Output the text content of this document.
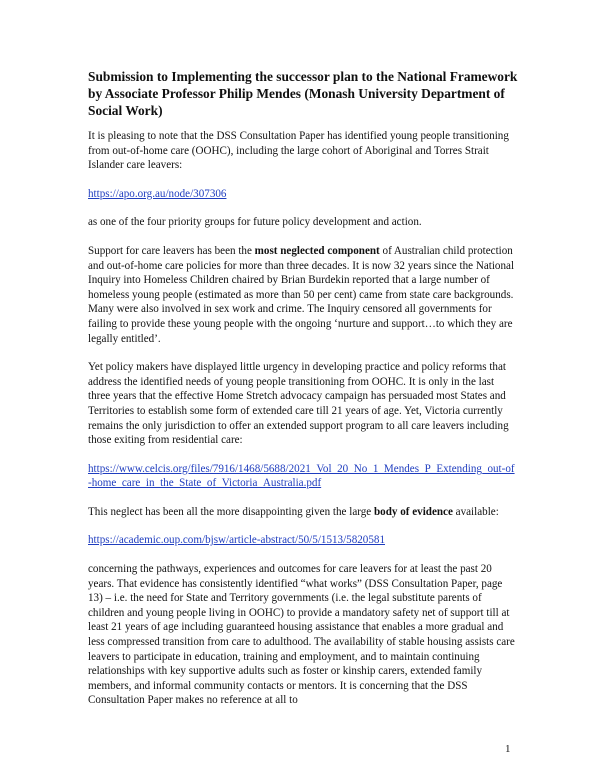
Submission to Implementing the successor plan to the National Framework by Associate Professor Philip Mendes (Monash University Department of Social Work)

It is pleasing to note that the DSS Consultation Paper has identified young people transitioning from out-of-home care (OOHC), including the large cohort of Aboriginal and Torres Strait Islander care leavers:

https://apo.org.au/node/307306

as one of the four priority groups for future policy development and action.

Support for care leavers has been the most neglected component of Australian child protection and out-of-home care policies for more than three decades. It is now 32 years since the National Inquiry into Homeless Children chaired by Brian Burdekin reported that a large number of homeless young people (estimated as more than 50 per cent) came from state care backgrounds. Many were also involved in sex work and crime. The Inquiry censored all governments for failing to provide these young people with the ongoing ‘nurture and support…to which they are legally entitled’.

Yet policy makers have displayed little urgency in developing practice and policy reforms that address the identified needs of young people transitioning from OOHC. It is only in the last three years that the effective Home Stretch advocacy campaign has persuaded most States and Territories to establish some form of extended care till 21 years of age. Yet, Victoria currently remains the only jurisdiction to offer an extended support program to all care leavers including those exiting from residential care:

https://www.celcis.org/files/7916/1468/5688/2021_Vol_20_No_1_Mendes_P_Extending_out-of-home_care_in_the_State_of_Victoria_Australia.pdf

This neglect has been all the more disappointing given the large body of evidence available:

https://academic.oup.com/bjsw/article-abstract/50/5/1513/5820581

concerning the pathways, experiences and outcomes for care leavers for at least the past 20 years. That evidence has consistently identified “what works” (DSS Consultation Paper, page 13) – i.e. the need for State and Territory governments (i.e. the legal substitute parents of children and young people living in OOHC) to provide a mandatory safety net of support till at least 21 years of age including guaranteed housing assistance that enables a more gradual and less compressed transition from care to adulthood. The availability of stable housing assists care leavers to participate in education, training and employment, and to maintain continuing relationships with key supportive adults such as foster or kinship carers, extended family members, and informal community contacts or mentors. It is concerning that the DSS Consultation Paper makes no reference at all to

1
